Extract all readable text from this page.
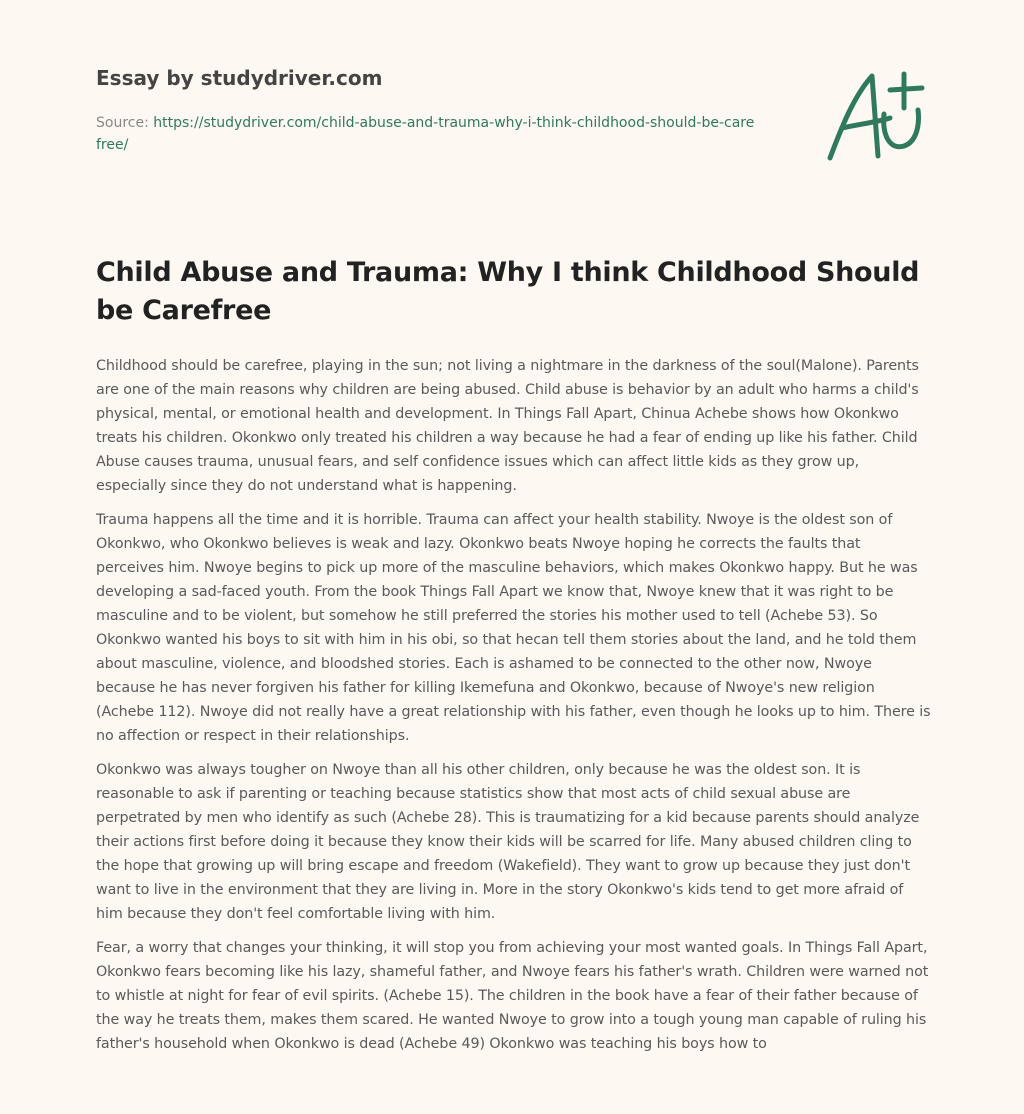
Essay by studydriver.com
Source: https://studydriver.com/child-abuse-and-trauma-why-i-think-childhood-should-be-carefree/
Child Abuse and Trauma: Why I think Childhood Should be Carefree

Childhood should be carefree, playing in the sun; not living a nightmare in the darkness of the soul(Malone). Parents are one of the main reasons why children are being abused. Child abuse is behavior by an adult who harms a child's physical, mental, or emotional health and development. In Things Fall Apart, Chinua Achebe shows how Okonkwo treats his children. Okonkwo only treated his children a way because he had a fear of ending up like his father. Child Abuse causes trauma, unusual fears, and self confidence issues which can affect little kids as they grow up, especially since they do not understand what is happening.

Trauma happens all the time and it is horrible. Trauma can affect your health stability. Nwoye is the oldest son of Okonkwo, who Okonkwo believes is weak and lazy. Okonkwo beats Nwoye hoping he corrects the faults that perceives him. Nwoye begins to pick up more of the masculine behaviors, which makes Okonkwo happy. But he was developing a sad-faced youth. From the book Things Fall Apart we know that, Nwoye knew that it was right to be masculine and to be violent, but somehow he still preferred the stories his mother used to tell (Achebe 53). So Okonkwo wanted his boys to sit with him in his obi, so that hecan tell them stories about the land, and he told them about masculine, violence, and bloodshed stories. Each is ashamed to be connected to the other now, Nwoye because he has never forgiven his father for killing Ikemefuna and Okonkwo, because of Nwoye's new religion (Achebe 112). Nwoye did not really have a great relationship with his father, even though he looks up to him. There is no affection or respect in their relationships.

Okonkwo was always tougher on Nwoye than all his other children, only because he was the oldest son. It is reasonable to ask if parenting or teaching because statistics show that most acts of child sexual abuse are perpetrated by men who identify as such (Achebe 28). This is traumatizing for a kid because parents should analyze their actions first before doing it because they know their kids will be scarred for life. Many abused children cling to the hope that growing up will bring escape and freedom (Wakefield). They want to grow up because they just don't want to live in the environment that they are living in. More in the story Okonkwo's kids tend to get more afraid of him because they don't feel comfortable living with him.

Fear, a worry that changes your thinking, it will stop you from achieving your most wanted goals. In Things Fall Apart, Okonkwo fears becoming like his lazy, shameful father, and Nwoye fears his father's wrath. Children were warned not to whistle at night for fear of evil spirits. (Achebe 15). The children in the book have a fear of their father because of the way he treats them, makes them scared. He wanted Nwoye to grow into a tough young man capable of ruling his father's household when Okonkwo is dead (Achebe 49) Okonkwo was teaching his boys how to
